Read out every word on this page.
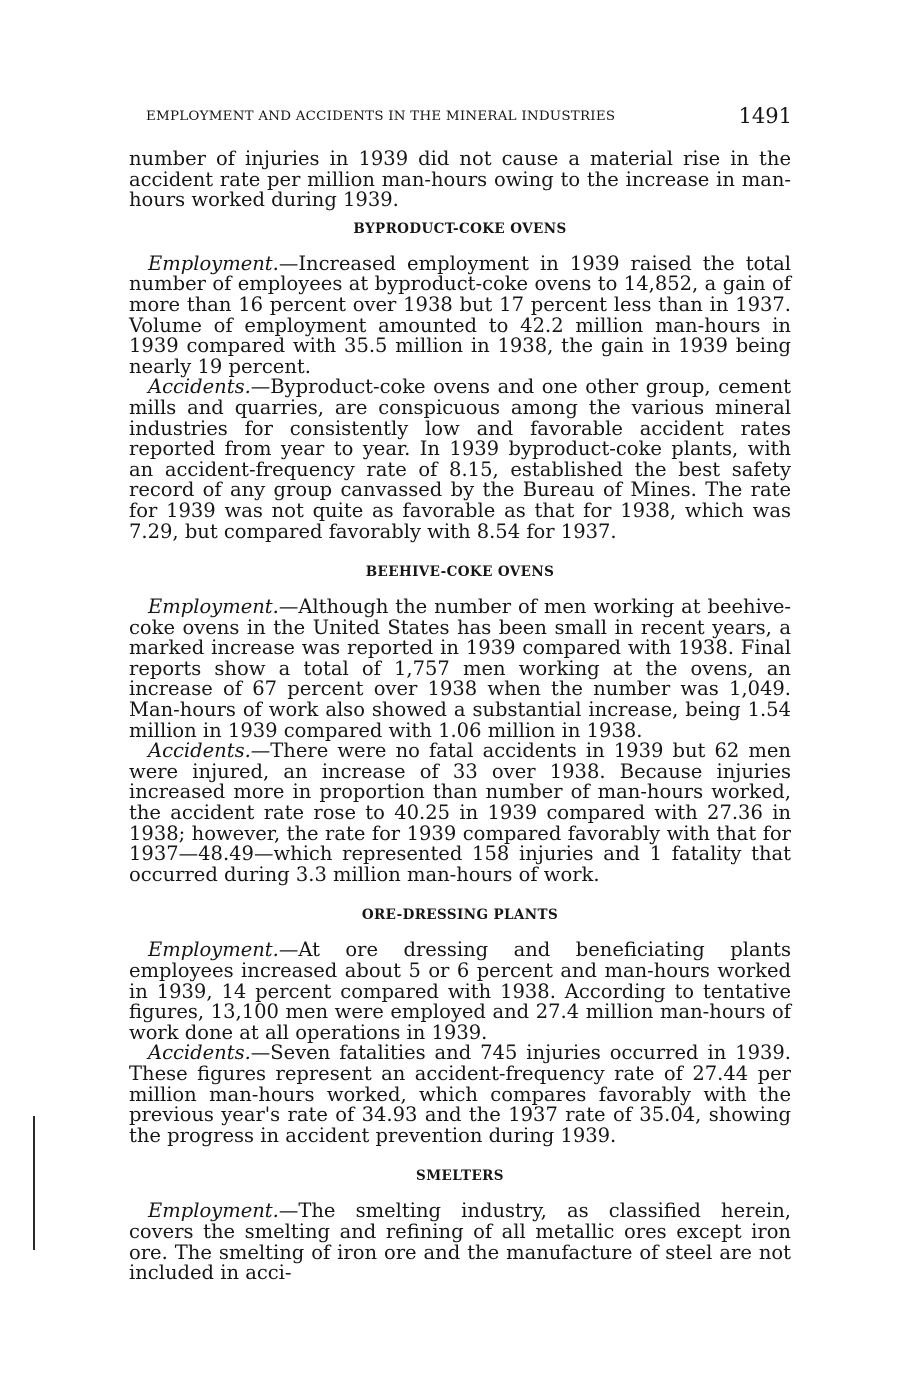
EMPLOYMENT AND ACCIDENTS IN THE MINERAL INDUSTRIES	1491

number of injuries in 1939 did not cause a material rise in the accident rate per million man-hours owing to the increase in man-hours worked during 1939.

BYPRODUCT-COKE OVENS

Employment.—Increased employment in 1939 raised the total number of employees at byproduct-coke ovens to 14,852, a gain of more than 16 percent over 1938 but 17 percent less than in 1937. Volume of employment amounted to 42.2 million man-hours in 1939 compared with 35.5 million in 1938, the gain in 1939 being nearly 19 percent.

Accidents.—Byproduct-coke ovens and one other group, cement mills and quarries, are conspicuous among the various mineral industries for consistently low and favorable accident rates reported from year to year. In 1939 byproduct-coke plants, with an accident-frequency rate of 8.15, established the best safety record of any group canvassed by the Bureau of Mines. The rate for 1939 was not quite as favorable as that for 1938, which was 7.29, but compared favorably with 8.54 for 1937.

BEEHIVE-COKE OVENS

Employment.—Although the number of men working at beehive-coke ovens in the United States has been small in recent years, a marked increase was reported in 1939 compared with 1938. Final reports show a total of 1,757 men working at the ovens, an increase of 67 percent over 1938 when the number was 1,049. Man-hours of work also showed a substantial increase, being 1.54 million in 1939 compared with 1.06 million in 1938.

Accidents.—There were no fatal accidents in 1939 but 62 men were injured, an increase of 33 over 1938. Because injuries increased more in proportion than number of man-hours worked, the accident rate rose to 40.25 in 1939 compared with 27.36 in 1938; however, the rate for 1939 compared favorably with that for 1937—48.49—which represented 158 injuries and 1 fatality that occurred during 3.3 million man-hours of work.

ORE-DRESSING PLANTS

Employment.—At ore dressing and beneficiating plants employees increased about 5 or 6 percent and man-hours worked in 1939, 14 percent compared with 1938. According to tentative figures, 13,100 men were employed and 27.4 million man-hours of work done at all operations in 1939.

Accidents.—Seven fatalities and 745 injuries occurred in 1939. These figures represent an accident-frequency rate of 27.44 per million man-hours worked, which compares favorably with the previous year's rate of 34.93 and the 1937 rate of 35.04, showing the progress in accident prevention during 1939.

SMELTERS

Employment.—The smelting industry, as classified herein, covers the smelting and refining of all metallic ores except iron ore. The smelting of iron ore and the manufacture of steel are not included in acci-
